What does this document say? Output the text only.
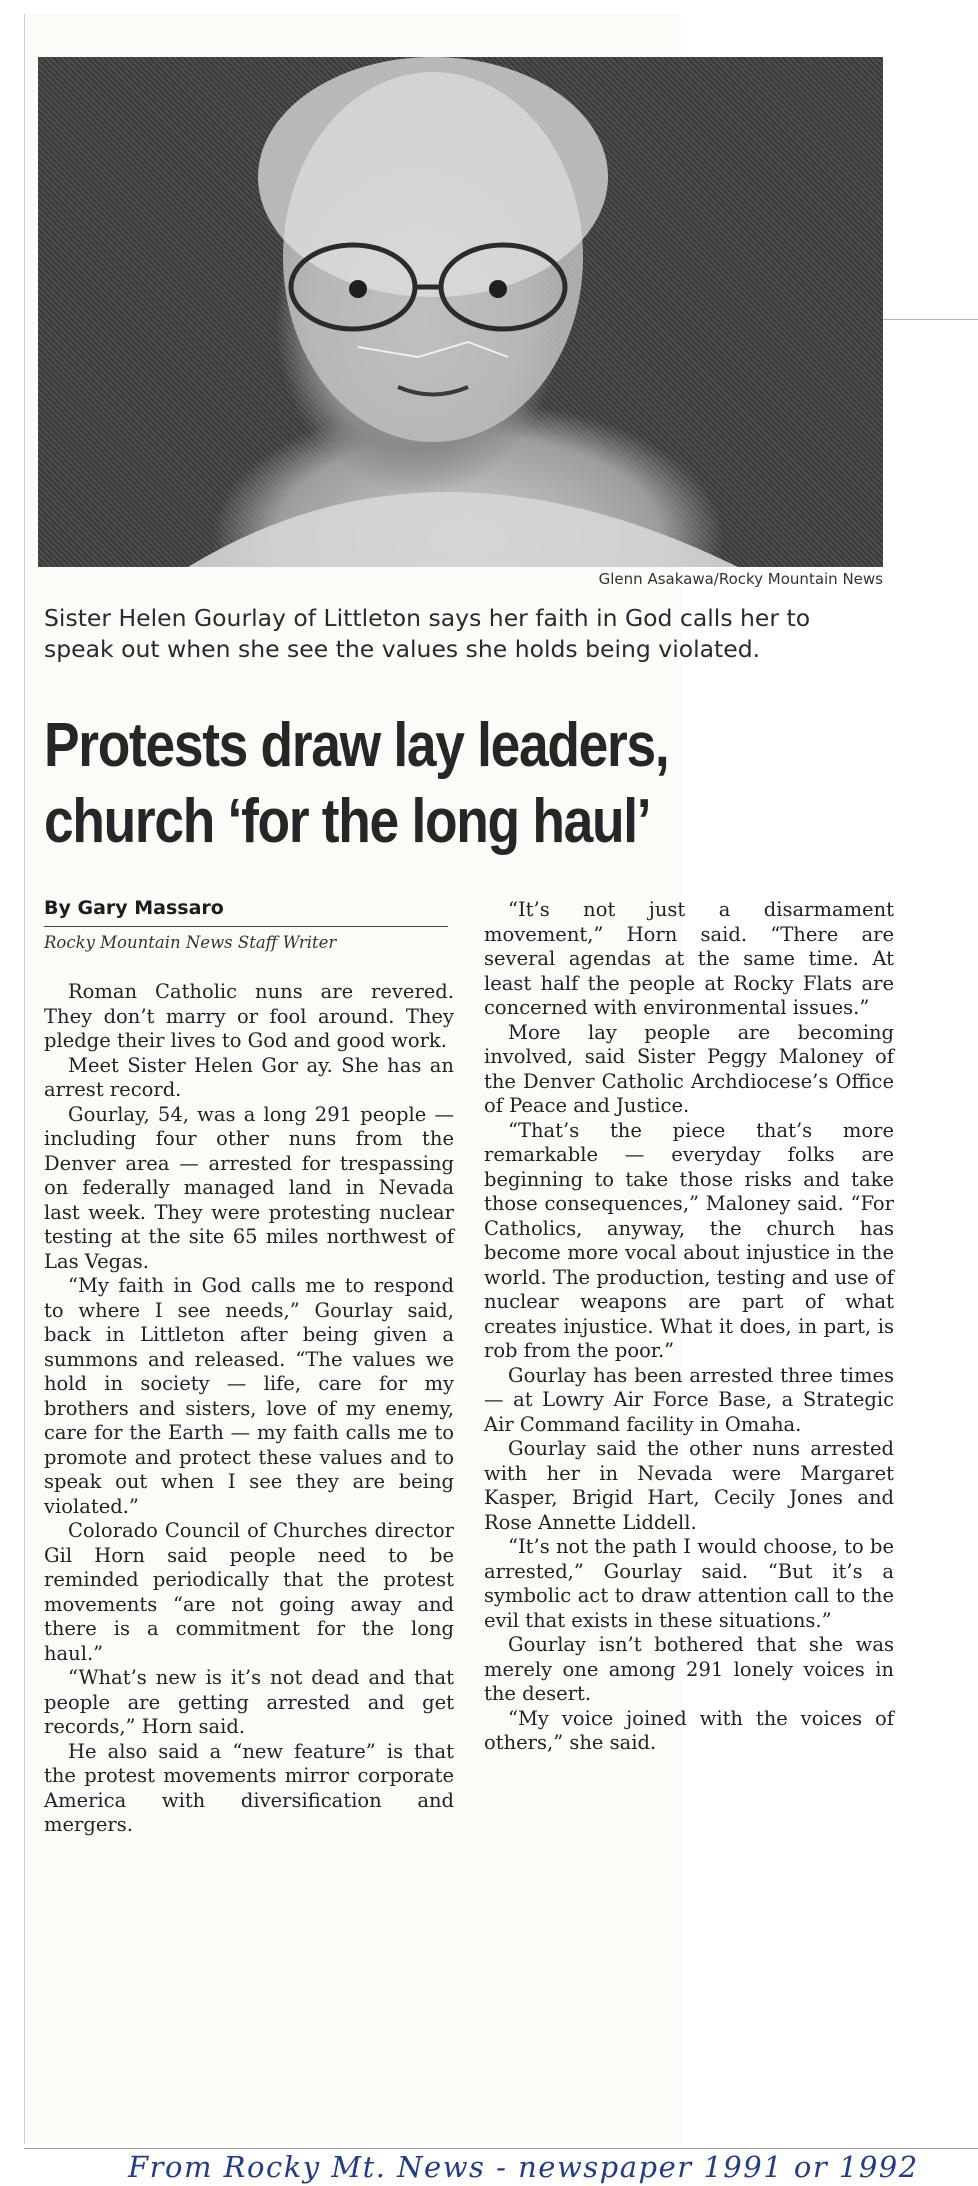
Glenn Asakawa/Rocky Mountain News
Sister Helen Gourlay of Littleton says her faith in God calls her to speak out when she see the values she holds being violated.
Protests draw lay leaders,
church ‘for the long haul’
By Gary Massaro
Rocky Mountain News Staff Writer

Roman Catholic nuns are revered. They don’t marry or fool around. They pledge their lives to God and good work.

Meet Sister Helen Gor ay. She has an arrest record.

Gourlay, 54, was a long 291 people — including four other nuns from the Denver area — arrested for trespassing on federally managed land in Nevada last week. They were protesting nuclear testing at the site 65 miles northwest of Las Vegas.

“My faith in God calls me to respond to where I see needs,” Gourlay said, back in Littleton after being given a summons and released. “The values we hold in society — life, care for my brothers and sisters, love of my enemy, care for the Earth — my faith calls me to promote and protect these values and to speak out when I see they are being violated.”

Colorado Council of Churches director Gil Horn said people need to be reminded periodically that the protest movements “are not going away and there is a commitment for the long haul.”

“What’s new is it’s not dead and that people are getting arrested and get records,” Horn said.

He also said a “new feature” is that the protest movements mirror corporate America with diversification and mergers.

“It’s not just a disarmament movement,” Horn said. “There are several agendas at the same time. At least half the people at Rocky Flats are concerned with environmental issues.”

More lay people are becoming involved, said Sister Peggy Maloney of the Denver Catholic Archdiocese’s Office of Peace and Justice.

“That’s the piece that’s more remarkable — everyday folks are beginning to take those risks and take those consequences,” Maloney said. “For Catholics, anyway, the church has become more vocal about injustice in the world. The production, testing and use of nuclear weapons are part of what creates injustice. What it does, in part, is rob from the poor.”

Gourlay has been arrested three times — at Lowry Air Force Base, a Strategic Air Command facility in Omaha.

Gourlay said the other nuns arrested with her in Nevada were Margaret Kasper, Brigid Hart, Cecily Jones and Rose Annette Liddell.

“It’s not the path I would choose, to be arrested,” Gourlay said. “But it’s a symbolic act to draw attention call to the evil that exists in these situations.”

Gourlay isn’t bothered that she was merely one among 291 lonely voices in the desert.

“My voice joined with the voices of others,” she said.

From Rocky Mt. News - newspaper 1991 or 1992
